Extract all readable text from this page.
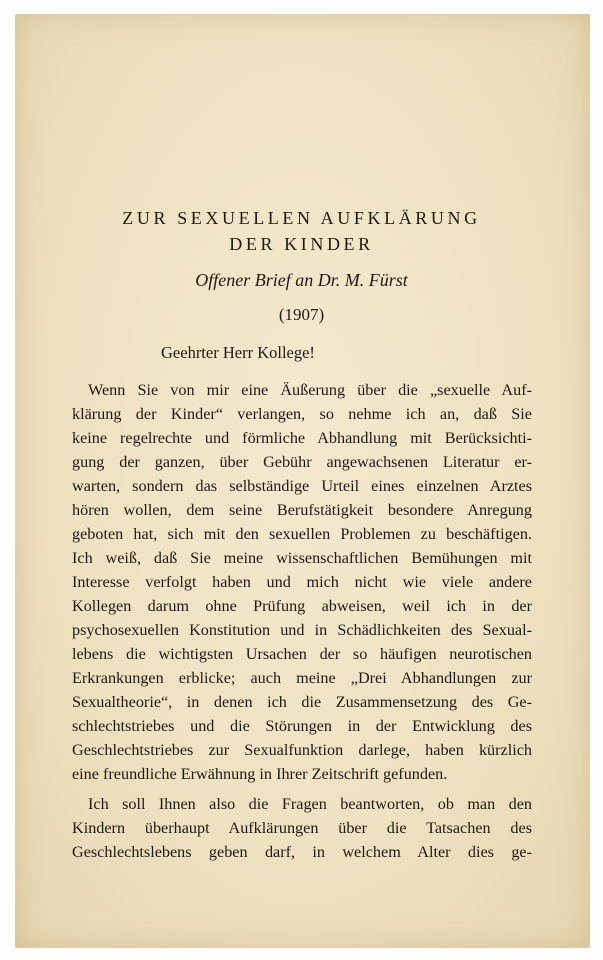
ZUR SEXUELLEN AUFKLÄRUNG
DER KINDER
Offener Brief an Dr. M. Fürst
(1907)
Geehrter Herr Kollege!
Wenn Sie von mir eine Äußerung über die „sexuelle Auf-
klärung der Kinder“ verlangen, so nehme ich an, daß Sie
keine regelrechte und förmliche Abhandlung mit Berücksichti-
gung der ganzen, über Gebühr angewachsenen Literatur er-
warten, sondern das selbständige Urteil eines einzelnen Arztes
hören wollen, dem seine Berufstätigkeit besondere Anregung
geboten hat, sich mit den sexuellen Problemen zu beschäftigen.
Ich weiß, daß Sie meine wissenschaftlichen Bemühungen mit
Interesse verfolgt haben und mich nicht wie viele andere
Kollegen darum ohne Prüfung abweisen, weil ich in der
psychosexuellen Konstitution und in Schädlichkeiten des Sexual-
lebens die wichtigsten Ursachen der so häufigen neurotischen
Erkrankungen erblicke; auch meine „Drei Abhandlungen zur
Sexualtheorie“, in denen ich die Zusammensetzung des Ge-
schlechtstriebes und die Störungen in der Entwicklung des
Geschlechtstriebes zur Sexualfunktion darlege, haben kürzlich
eine freundliche Erwähnung in Ihrer Zeitschrift gefunden.
Ich soll Ihnen also die Fragen beantworten, ob man den
Kindern überhaupt Aufklärungen über die Tatsachen des
Geschlechtslebens geben darf, in welchem Alter dies ge-
